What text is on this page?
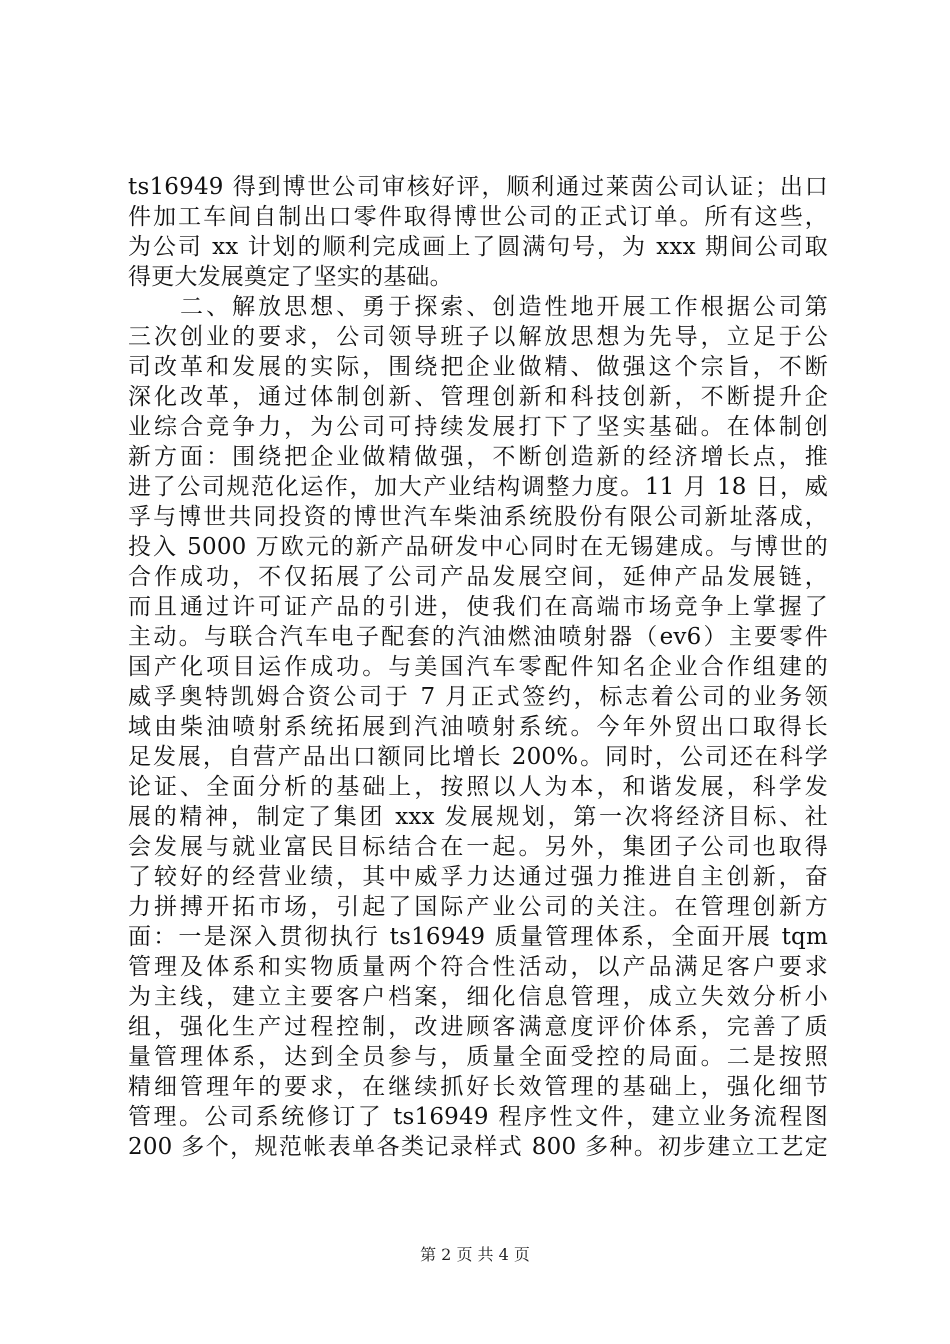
ts16949 得到博世公司审核好评，顺利通过莱茵公司认证；出口
件加工车间自制出口零件取得博世公司的正式订单。所有这些，
为公司 xx 计划的顺利完成画上了圆满句号，为 xxx 期间公司取
得更大发展奠定了坚实的基础。
　　二、解放思想、勇于探索、创造性地开展工作根据公司第
三次创业的要求，公司领导班子以解放思想为先导，立足于公
司改革和发展的实际，围绕把企业做精、做强这个宗旨，不断
深化改革，通过体制创新、管理创新和科技创新，不断提升企
业综合竞争力，为公司可持续发展打下了坚实基础。在体制创
新方面：围绕把企业做精做强，不断创造新的经济增长点，推
进了公司规范化运作，加大产业结构调整力度。11 月 18 日，威
孚与博世共同投资的博世汽车柴油系统股份有限公司新址落成，
投入 5000 万欧元的新产品研发中心同时在无锡建成。与博世的
合作成功，不仅拓展了公司产品发展空间，延伸产品发展链，
而且通过许可证产品的引进，使我们在高端市场竞争上掌握了
主动。与联合汽车电子配套的汽油燃油喷射器（ev6）主要零件
国产化项目运作成功。与美国汽车零配件知名企业合作组建的
威孚奥特凯姆合资公司于 7 月正式签约，标志着公司的业务领
域由柴油喷射系统拓展到汽油喷射系统。今年外贸出口取得长
足发展，自营产品出口额同比增长 200%。同时，公司还在科学
论证、全面分析的基础上，按照以人为本，和谐发展，科学发
展的精神，制定了集团 xxx 发展规划，第一次将经济目标、社
会发展与就业富民目标结合在一起。另外，集团子公司也取得
了较好的经营业绩，其中威孚力达通过强力推进自主创新，奋
力拼搏开拓市场，引起了国际产业公司的关注。在管理创新方
面：一是深入贯彻执行 ts16949 质量管理体系，全面开展 tqm
管理及体系和实物质量两个符合性活动，以产品满足客户要求
为主线，建立主要客户档案，细化信息管理，成立失效分析小
组，强化生产过程控制，改进顾客满意度评价体系，完善了质
量管理体系，达到全员参与，质量全面受控的局面。二是按照
精细管理年的要求，在继续抓好长效管理的基础上，强化细节
管理。公司系统修订了 ts16949 程序性文件，建立业务流程图
200 多个，规范帐表单各类记录样式 800 多种。初步建立工艺定
第 2 页 共 4 页
